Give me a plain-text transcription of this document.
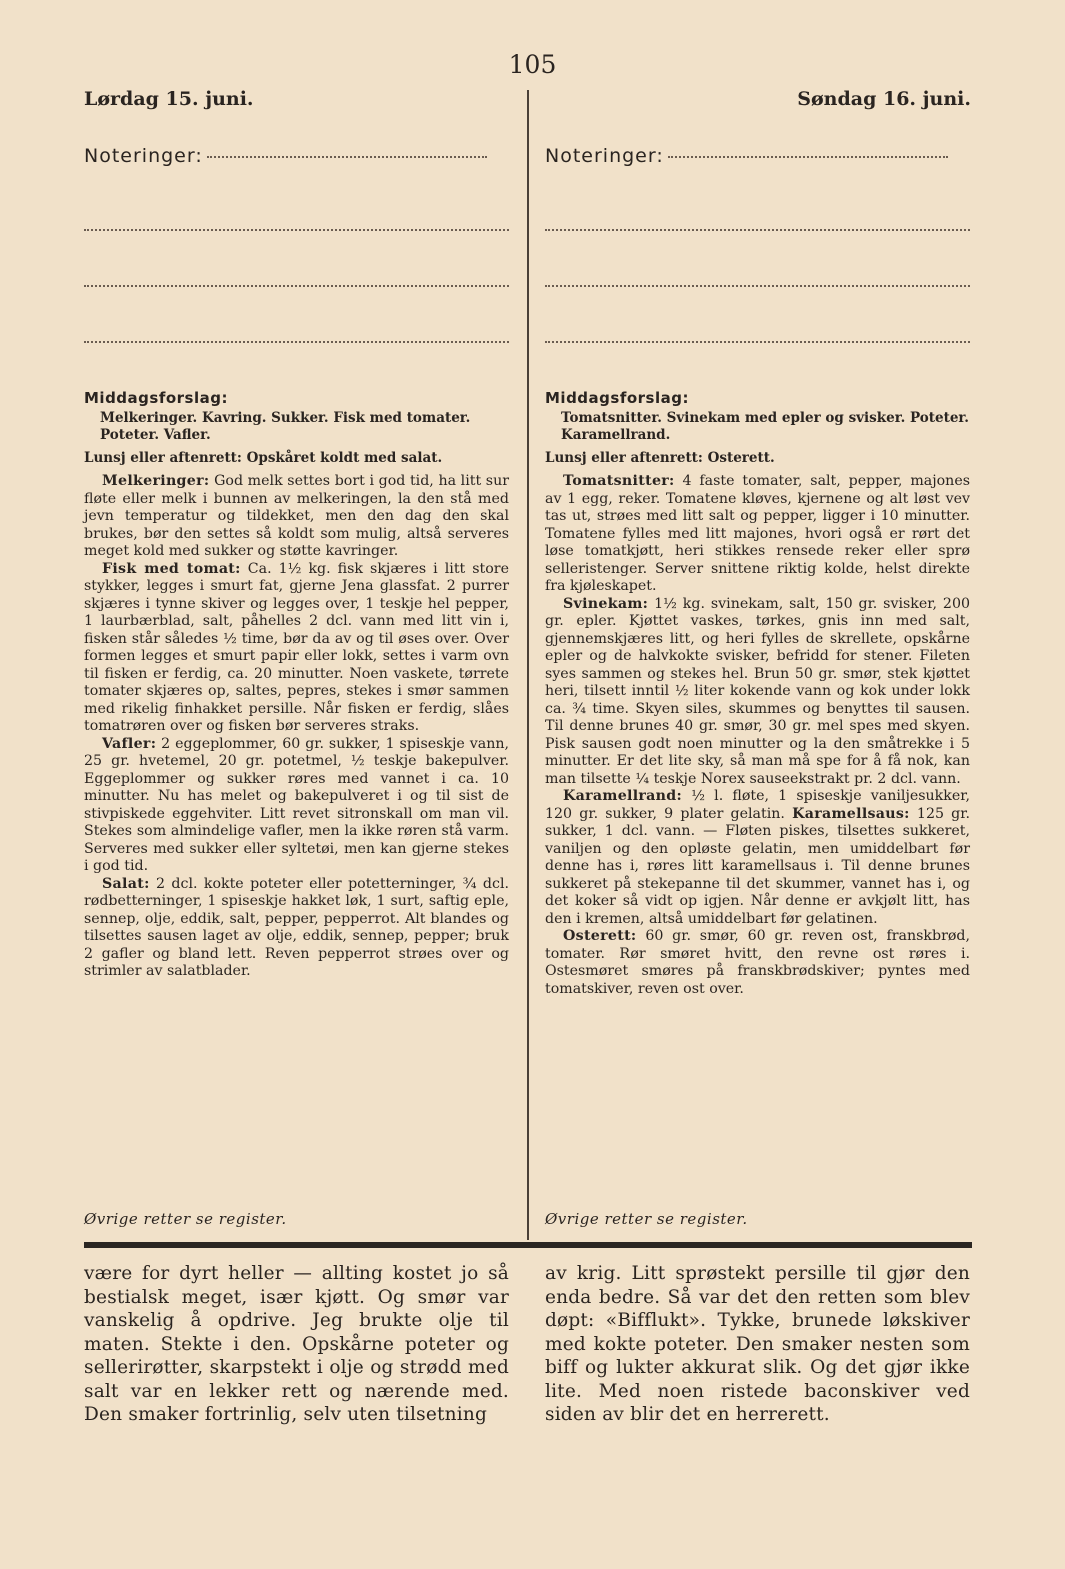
105
Lørdag 15. juni.	Søndag 16. juni.
Noteringer:
Middagsforslag:
Melkeringer. Kavring. Sukker. Fisk med tomater. Poteter. Vafler.
Lunsj eller aftenrett: Opskåret koldt med salat.

Melkeringer: God melk settes bort i god tid, ha litt sur fløte eller melk i bunnen av melkeringen, la den stå med jevn temperatur og tildekket, men den dag den skal brukes, bør den settes så koldt som mulig, altså serveres meget kold med sukker og støtte kavringer.

Fisk med tomat: Ca. 1½ kg. fisk skjæres i litt store stykker, legges i smurt fat, gjerne Jena glassfat. 2 purrer skjæres i tynne skiver og legges over, 1 teskje hel pepper, 1 laurbærblad, salt, påhelles 2 dcl. vann med litt vin i, fisken står således ½ time, bør da av og til øses over. Over formen legges et smurt papir eller lokk, settes i varm ovn til fisken er ferdig, ca. 20 minutter. Noen vaskete, tørrete tomater skjæres op, saltes, pepres, stekes i smør sammen med rikelig finhakket persille. Når fisken er ferdig, slåes tomatrøren over og fisken bør serveres straks.

Vafler: 2 eggeplommer, 60 gr. sukker, 1 spiseskje vann, 25 gr. hvetemel, 20 gr. potetmel, ½ teskje bakepulver. Eggeplommer og sukker røres med vannet i ca. 10 minutter. Nu has melet og bakepulveret i og til sist de stivpiskede eggehviter. Litt revet sitronskall om man vil. Stekes som almindelige vafler, men la ikke røren stå varm. Serveres med sukker eller syltetøi, men kan gjerne stekes i god tid.

Salat: 2 dcl. kokte poteter eller potetterninger, ¾ dcl. rødbetterninger, 1 spiseskje hakket løk, 1 surt, saftig eple, sennep, olje, eddik, salt, pepper, pepperrot. Alt blandes og tilsettes sausen laget av olje, eddik, sennep, pepper; bruk 2 gafler og bland lett. Reven pepperrot strøes over og strimler av salatblader.

Noteringer:
Middagsforslag:
Tomatsnitter. Svinekam med epler og svisker. Poteter. Karamellrand.
Lunsj eller aftenrett: Osterett.

Tomatsnitter: 4 faste tomater, salt, pepper, majones av 1 egg, reker. Tomatene kløves, kjernene og alt løst vev tas ut, strøes med litt salt og pepper, ligger i 10 minutter. Tomatene fylles med litt majones, hvori også er rørt det løse tomatkjøtt, heri stikkes rensede reker eller sprø selleristenger. Server snittene riktig kolde, helst direkte fra kjøleskapet.

Svinekam: 1½ kg. svinekam, salt, 150 gr. svisker, 200 gr. epler. Kjøttet vaskes, tørkes, gnis inn med salt, gjennemskjæres litt, og heri fylles de skrellete, opskårne epler og de halvkokte svisker, befridd for stener. Fileten syes sammen og stekes hel. Brun 50 gr. smør, stek kjøttet heri, tilsett inntil ½ liter kokende vann og kok under lokk ca. ¾ time. Skyen siles, skummes og benyttes til sausen. Til denne brunes 40 gr. smør, 30 gr. mel spes med skyen. Pisk sausen godt noen minutter og la den småtrekke i 5 minutter. Er det lite sky, så man må spe for å få nok, kan man tilsette ¼ teskje Norex sauseekstrakt pr. 2 dcl. vann.

Karamellrand: ½ l. fløte, 1 spiseskje vaniljesukker, 120 gr. sukker, 9 plater gelatin. Karamellsaus: 125 gr. sukker, 1 dcl. vann. — Fløten piskes, tilsettes sukkeret, vaniljen og den opløste gelatin, men umiddelbart før denne has i, røres litt karamellsaus i. Til denne brunes sukkeret på stekepanne til det skummer, vannet has i, og det koker så vidt op igjen. Når denne er avkjølt litt, has den i kremen, altså umiddelbart før gelatinen.

Osterett: 60 gr. smør, 60 gr. reven ost, franskbrød, tomater. Rør smøret hvitt, den revne ost røres i. Ostesmøret smøres på franskbrødskiver; pyntes med tomatskiver, reven ost over.

Øvrige retter se register.	Øvrige retter se register.
være for dyrt heller — allting kostet jo så bestialsk meget, især kjøtt. Og smør var vanskelig å opdrive. Jeg brukte olje til maten. Stekte i den. Opskårne poteter og sellerirøtter, skarpstekt i olje og strødd med salt var en lekker rett og nærende med. Den smaker fortrinlig, selv uten tilsetning
av krig. Litt sprøstekt persille til gjør den enda bedre. Så var det den retten som blev døpt: «Bifflukt». Tykke, brunede løkskiver med kokte poteter. Den smaker nesten som biff og lukter akkurat slik. Og det gjør ikke lite. Med noen ristede baconskiver ved siden av blir det en herrerett.
